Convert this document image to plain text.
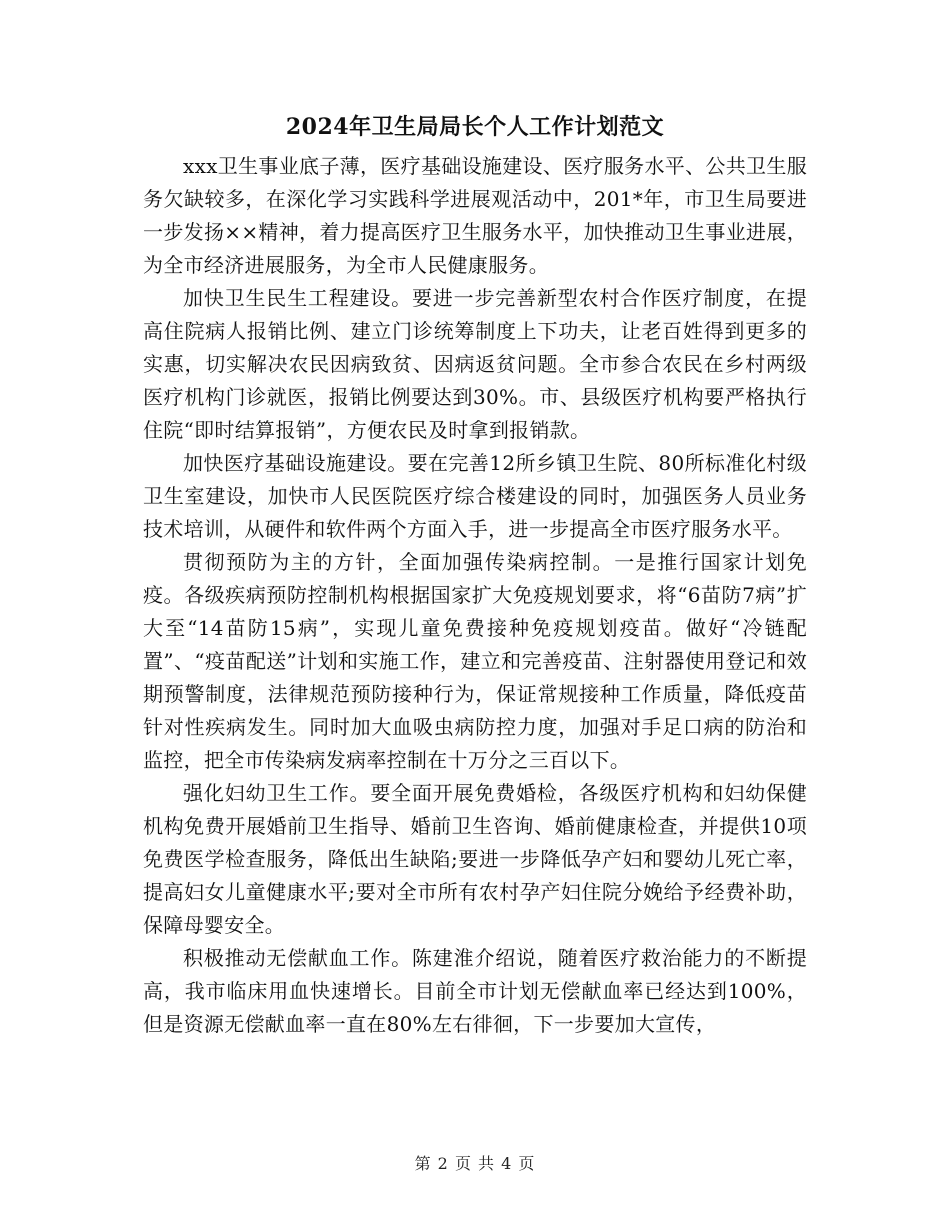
2024年卫生局局长个人工作计划范文

xxx卫生事业底子薄，医疗基础设施建设、医疗服务水平、公共卫生服务欠缺较多，在深化学习实践科学进展观活动中，201*年，市卫生局要进一步发扬××精神，着力提高医疗卫生服务水平，加快推动卫生事业进展，为全市经济进展服务，为全市人民健康服务。

加快卫生民生工程建设。要进一步完善新型农村合作医疗制度，在提高住院病人报销比例、建立门诊统筹制度上下功夫，让老百姓得到更多的实惠，切实解决农民因病致贫、因病返贫问题。全市参合农民在乡村两级医疗机构门诊就医，报销比例要达到30%。市、县级医疗机构要严格执行住院“即时结算报销”，方便农民及时拿到报销款。

加快医疗基础设施建设。要在完善12所乡镇卫生院、80所标准化村级卫生室建设，加快市人民医院医疗综合楼建设的同时，加强医务人员业务技术培训，从硬件和软件两个方面入手，进一步提高全市医疗服务水平。

贯彻预防为主的方针，全面加强传染病控制。一是推行国家计划免疫。各级疾病预防控制机构根据国家扩大免疫规划要求，将“6苗防7病”扩大至“14苗防15病”，实现儿童免费接种免疫规划疫苗。做好“冷链配置”、“疫苗配送”计划和实施工作，建立和完善疫苗、注射器使用登记和效期预警制度，法律规范预防接种行为，保证常规接种工作质量，降低疫苗针对性疾病发生。同时加大血吸虫病防控力度，加强对手足口病的防治和监控，把全市传染病发病率控制在十万分之三百以下。

强化妇幼卫生工作。要全面开展免费婚检，各级医疗机构和妇幼保健机构免费开展婚前卫生指导、婚前卫生咨询、婚前健康检查，并提供10项免费医学检查服务，降低出生缺陷;要进一步降低孕产妇和婴幼儿死亡率，提高妇女儿童健康水平;要对全市所有农村孕产妇住院分娩给予经费补助，保障母婴安全。

积极推动无偿献血工作。陈建淮介绍说，随着医疗救治能力的不断提高，我市临床用血快速增长。目前全市计划无偿献血率已经达到100%，但是资源无偿献血率一直在80%左右徘徊，下一步要加大宣传，

第 2 页 共 4 页
